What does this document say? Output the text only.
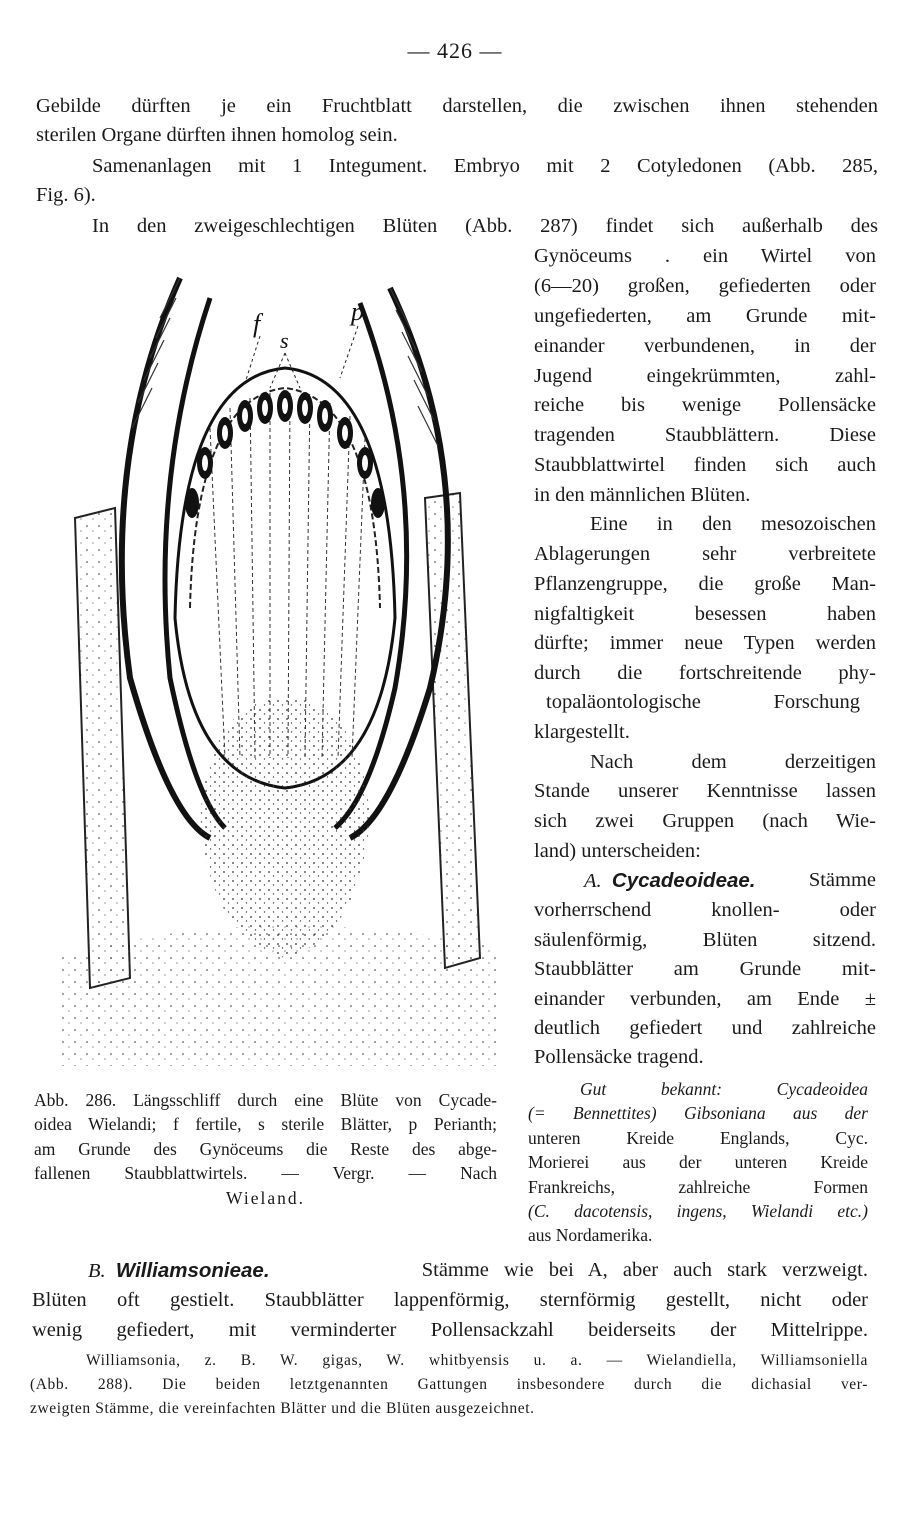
— 426 —
Gebilde dürften je ein Fruchtblatt darstellen, die zwischen ihnen stehenden
sterilen Organe dürften ihnen homolog sein.
Samenanlagen mit 1 Integument. Embryo mit 2 Cotyledonen (Abb. 285,
Fig. 6).
In den zweigeschlechtigen Blüten (Abb. 287) findet sich außerhalb des
Gynöceums . ein Wirtel von
(6—20) großen, gefiederten oder
ungefiederten, am Grunde mit-
einander verbundenen, in der
Jugend eingekrümmten, zahl-
reiche bis wenige Pollensäcke
tragenden Staubblättern. Diese
Staubblattwirtel finden sich auch
in den männlichen Blüten.
Eine in den mesozoischen
Ablagerungen sehr verbreitete
Pflanzengruppe, die große Man-
nigfaltigkeit besessen haben
dürfte; immer neue Typen werden
durch die fortschreitende phy-
topaläontologische Forschung
klargestellt.
Nach dem derzeitigen
Stande unserer Kenntnisse lassen
sich zwei Gruppen (nach Wie-
land) unterscheiden:
A. Cycadeoideae.	Stämme
vorherrschend knollen- oder
säulenförmig, Blüten sitzend.
Staubblätter am Grunde mit-
einander verbunden, am Ende ±
deutlich gefiedert und zahlreiche
Pollensäcke tragend.
Gut bekannt: Cycadeoidea
(= Bennettites) Gibsoniana aus der
unteren Kreide Englands, Cyc.
Morierei aus der unteren Kreide
Frankreichs, zahlreiche Formen
(C. dacotensis, ingens, Wielandi etc.)
aus Nordamerika.
f
s
p
Abb. 286. Längsschliff durch eine Blüte von Cycade-
oidea Wielandi; f fertile, s sterile Blätter, p Perianth;
am Grunde des Gynöceums die Reste des abge-
fallenen Staubblattwirtels. — Vergr. — Nach
Wieland.
B. Williamsonieae.	Stämme wie bei A, aber auch stark verzweigt.
Blüten oft gestielt. Staubblätter lappenförmig, sternförmig gestellt, nicht oder
wenig gefiedert, mit verminderter Pollensackzahl beiderseits der Mittelrippe.
Williamsonia, z. B. W. gigas, W. whitbyensis u. a. — Wielandiella, Williamsoniella
(Abb. 288). Die beiden letztgenannten Gattungen insbesondere durch die dichasial ver-
zweigten Stämme, die vereinfachten Blätter und die Blüten ausgezeichnet.
